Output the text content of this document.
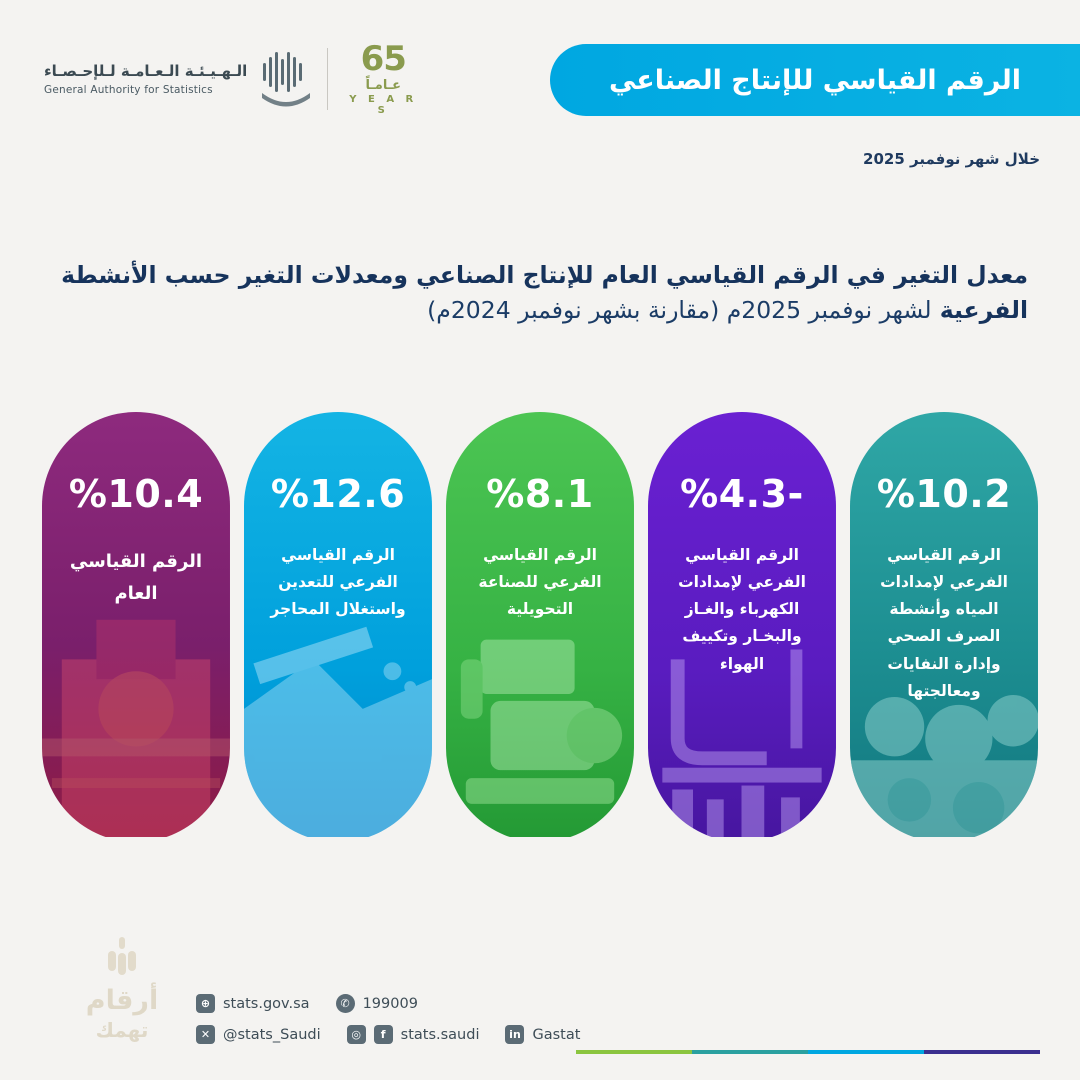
65
عـامـاً
Y E A R S
الـهـيـئـة الـعـامـة لـلإحـصـاء
General Authority for Statistics	الرقم القياسي للإنتاج الصناعي
خلال شهر نوفمبر 2025
معدل التغير في الرقم القياسي العام للإنتاج الصناعي ومعدلات التغير حسب الأنشطة
الفرعية لشهر نوفمبر 2025م (مقارنة بشهر نوفمبر 2024م)
%10.4
الرقم القياسي العام
%12.6
الرقم القياسي الفرعي للتعدين واستغلال المحاجر
%8.1
الرقم القياسي الفرعي للصناعة التحويلية
%4.3-
الرقم القياسي الفرعي لإمدادات الكهرباء والغـاز والبخـار وتكييف الهواء
%10.2
الرقم القياسي الفرعي لإمدادات المياه وأنشطة الصرف الصحي وإدارة النفايات ومعالجتها
أرقام
تهمك
⊕ stats.gov.sa	✆ 199009
✕ @stats_Saudi	◎	f	stats.saudi	in Gastat
